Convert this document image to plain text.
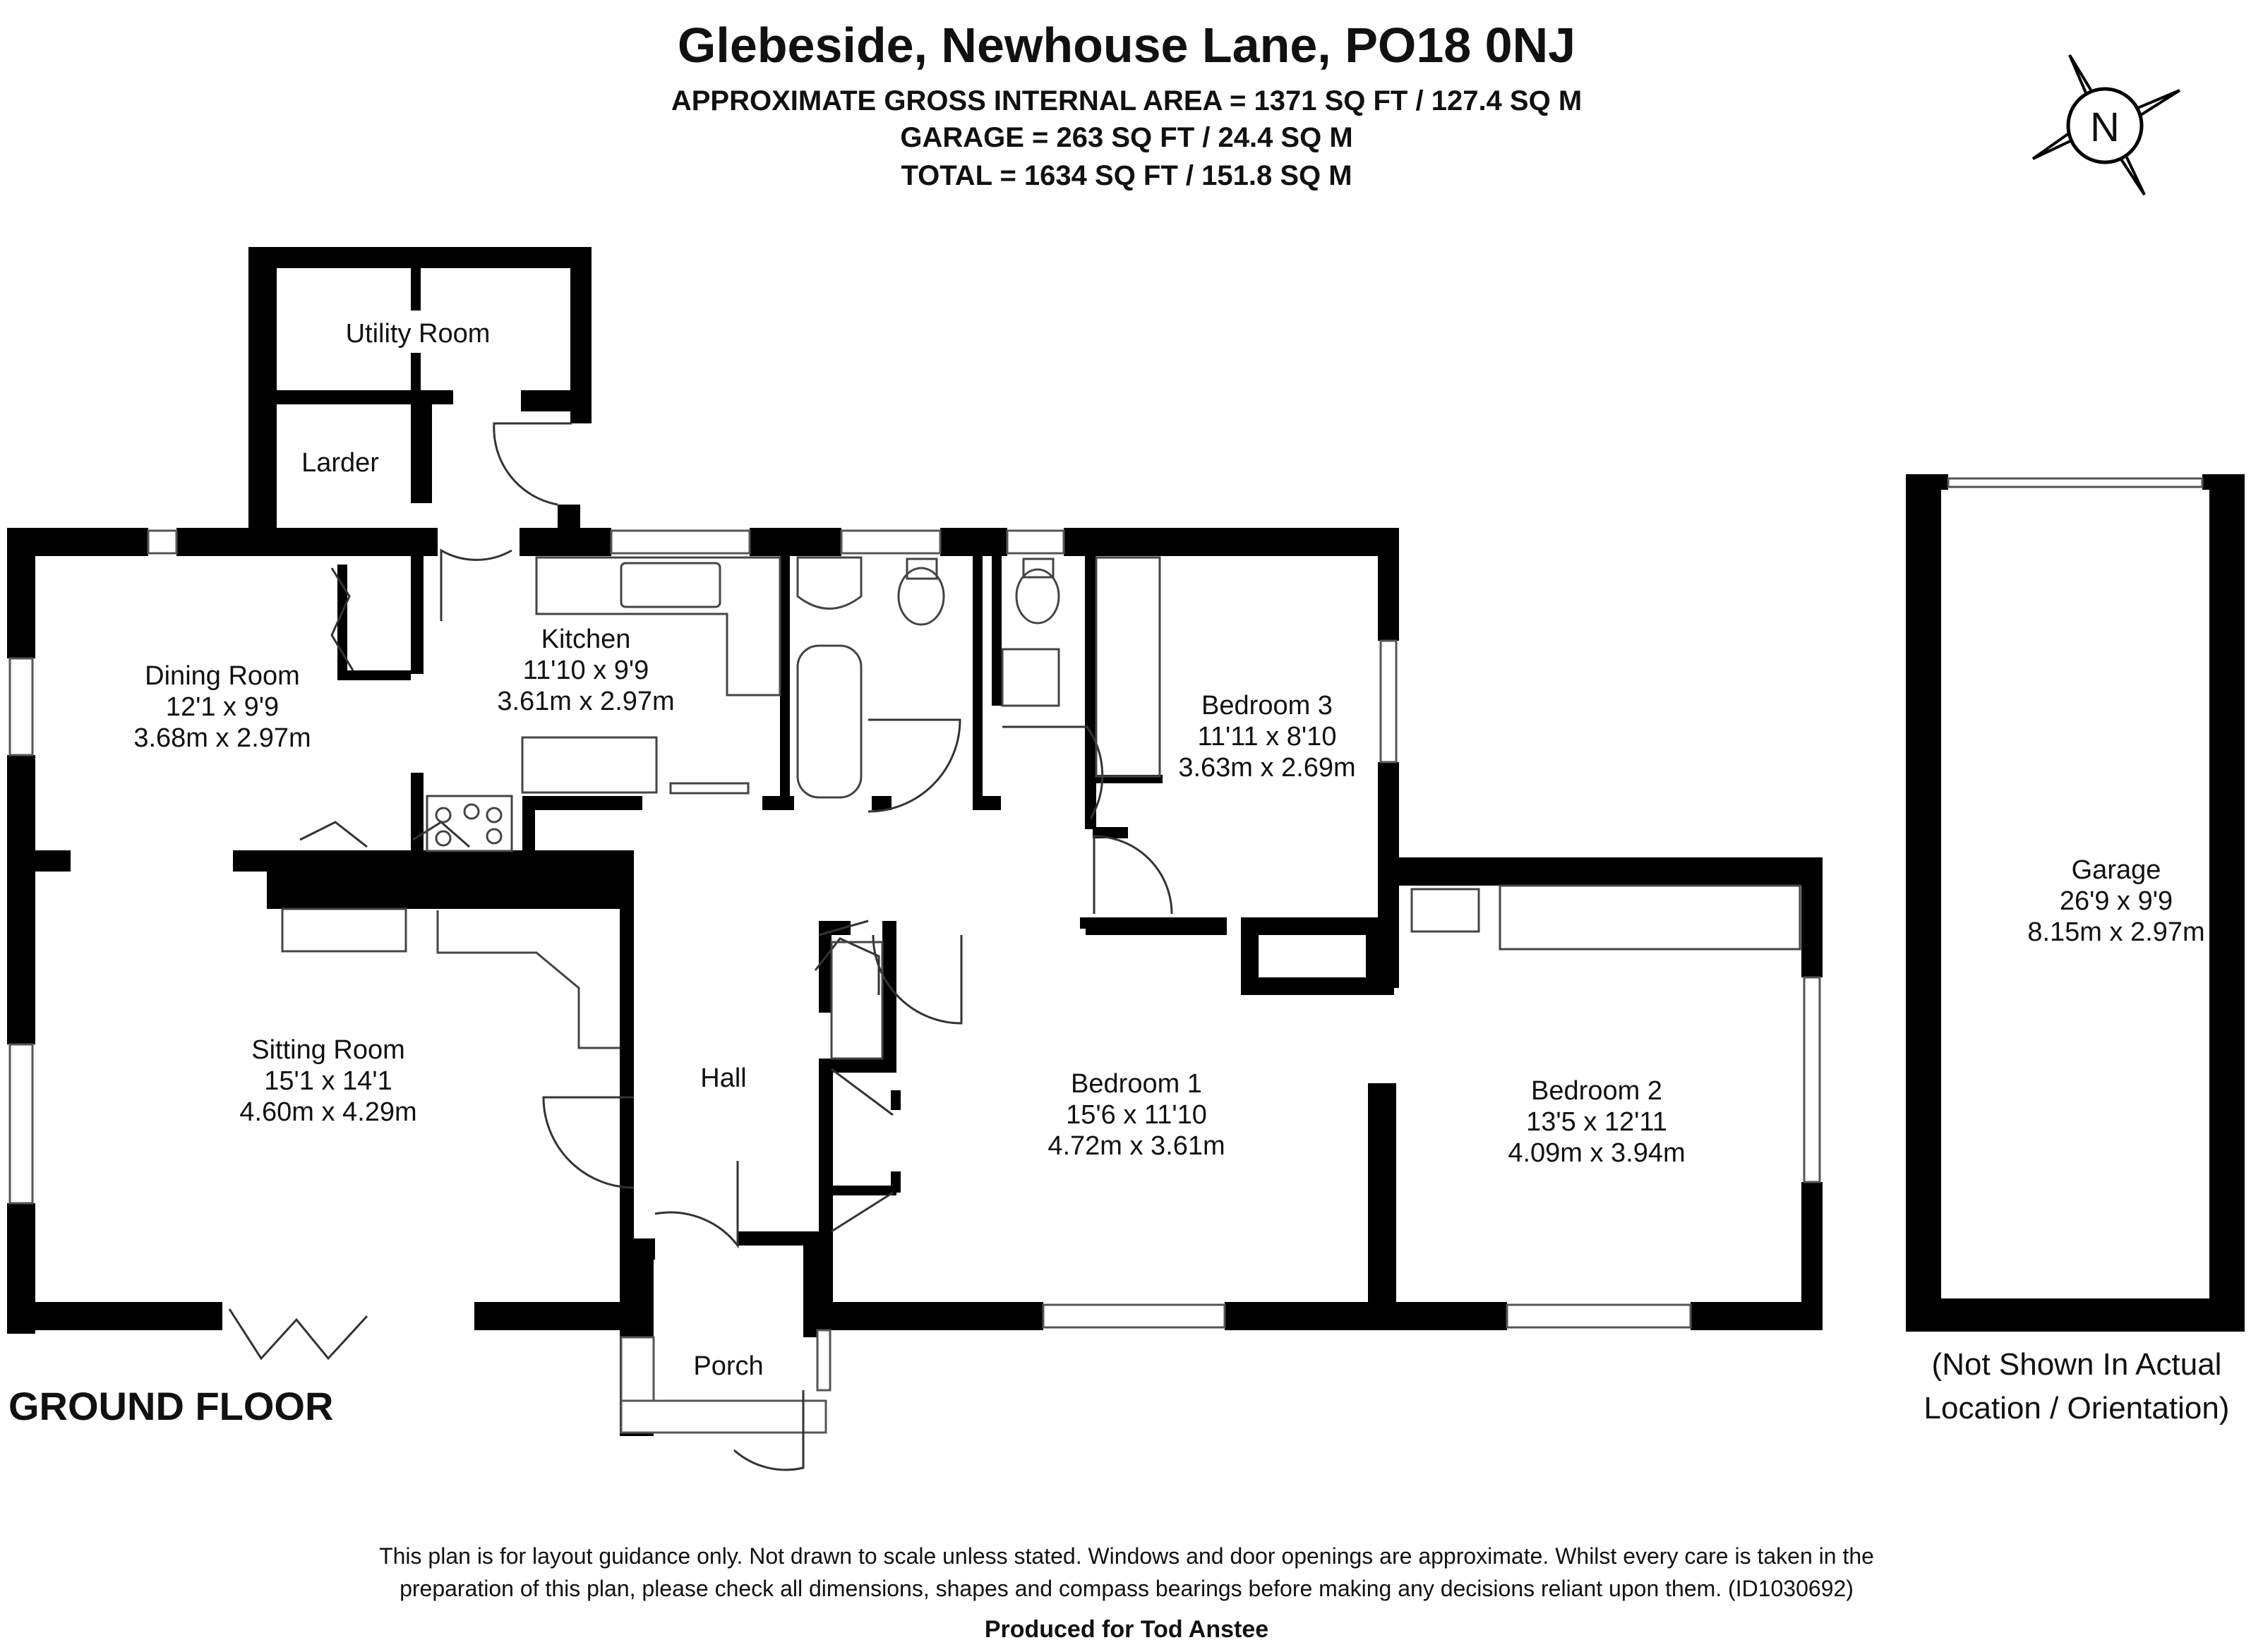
Glebeside, Newhouse Lane, PO18 0NJ
APPROXIMATE GROSS INTERNAL AREA = 1371 SQ FT / 127.4 SQ M
GARAGE = 263 SQ FT / 24.4 SQ M
TOTAL = 1634 SQ FT / 151.8 SQ M
N
Utility Room
Larder
Kitchen
11'10 x 9'9
3.61m x 2.97m
Dining Room
12'1 x 9'9
3.68m x 2.97m
Bedroom 3
11'11 x 8'10
3.63m x 2.69m
Sitting Room
15'1 x 14'1
4.60m x 4.29m
Hall	Bedroom 1
15'6 x 11'10
4.72m x 3.61m
Bedroom 2
13'5 x 12'11
4.09m x 3.94m
Porch
Garage
26'9 x 9'9
8.15m x 2.97m
GROUND FLOOR
(Not Shown In Actual
Location / Orientation)
This plan is for layout guidance only. Not drawn to scale unless stated. Windows and door openings are approximate. Whilst every care is taken in the
preparation of this plan, please check all dimensions, shapes and compass bearings before making any decisions reliant upon them. (ID1030692)
Produced for Tod Anstee
